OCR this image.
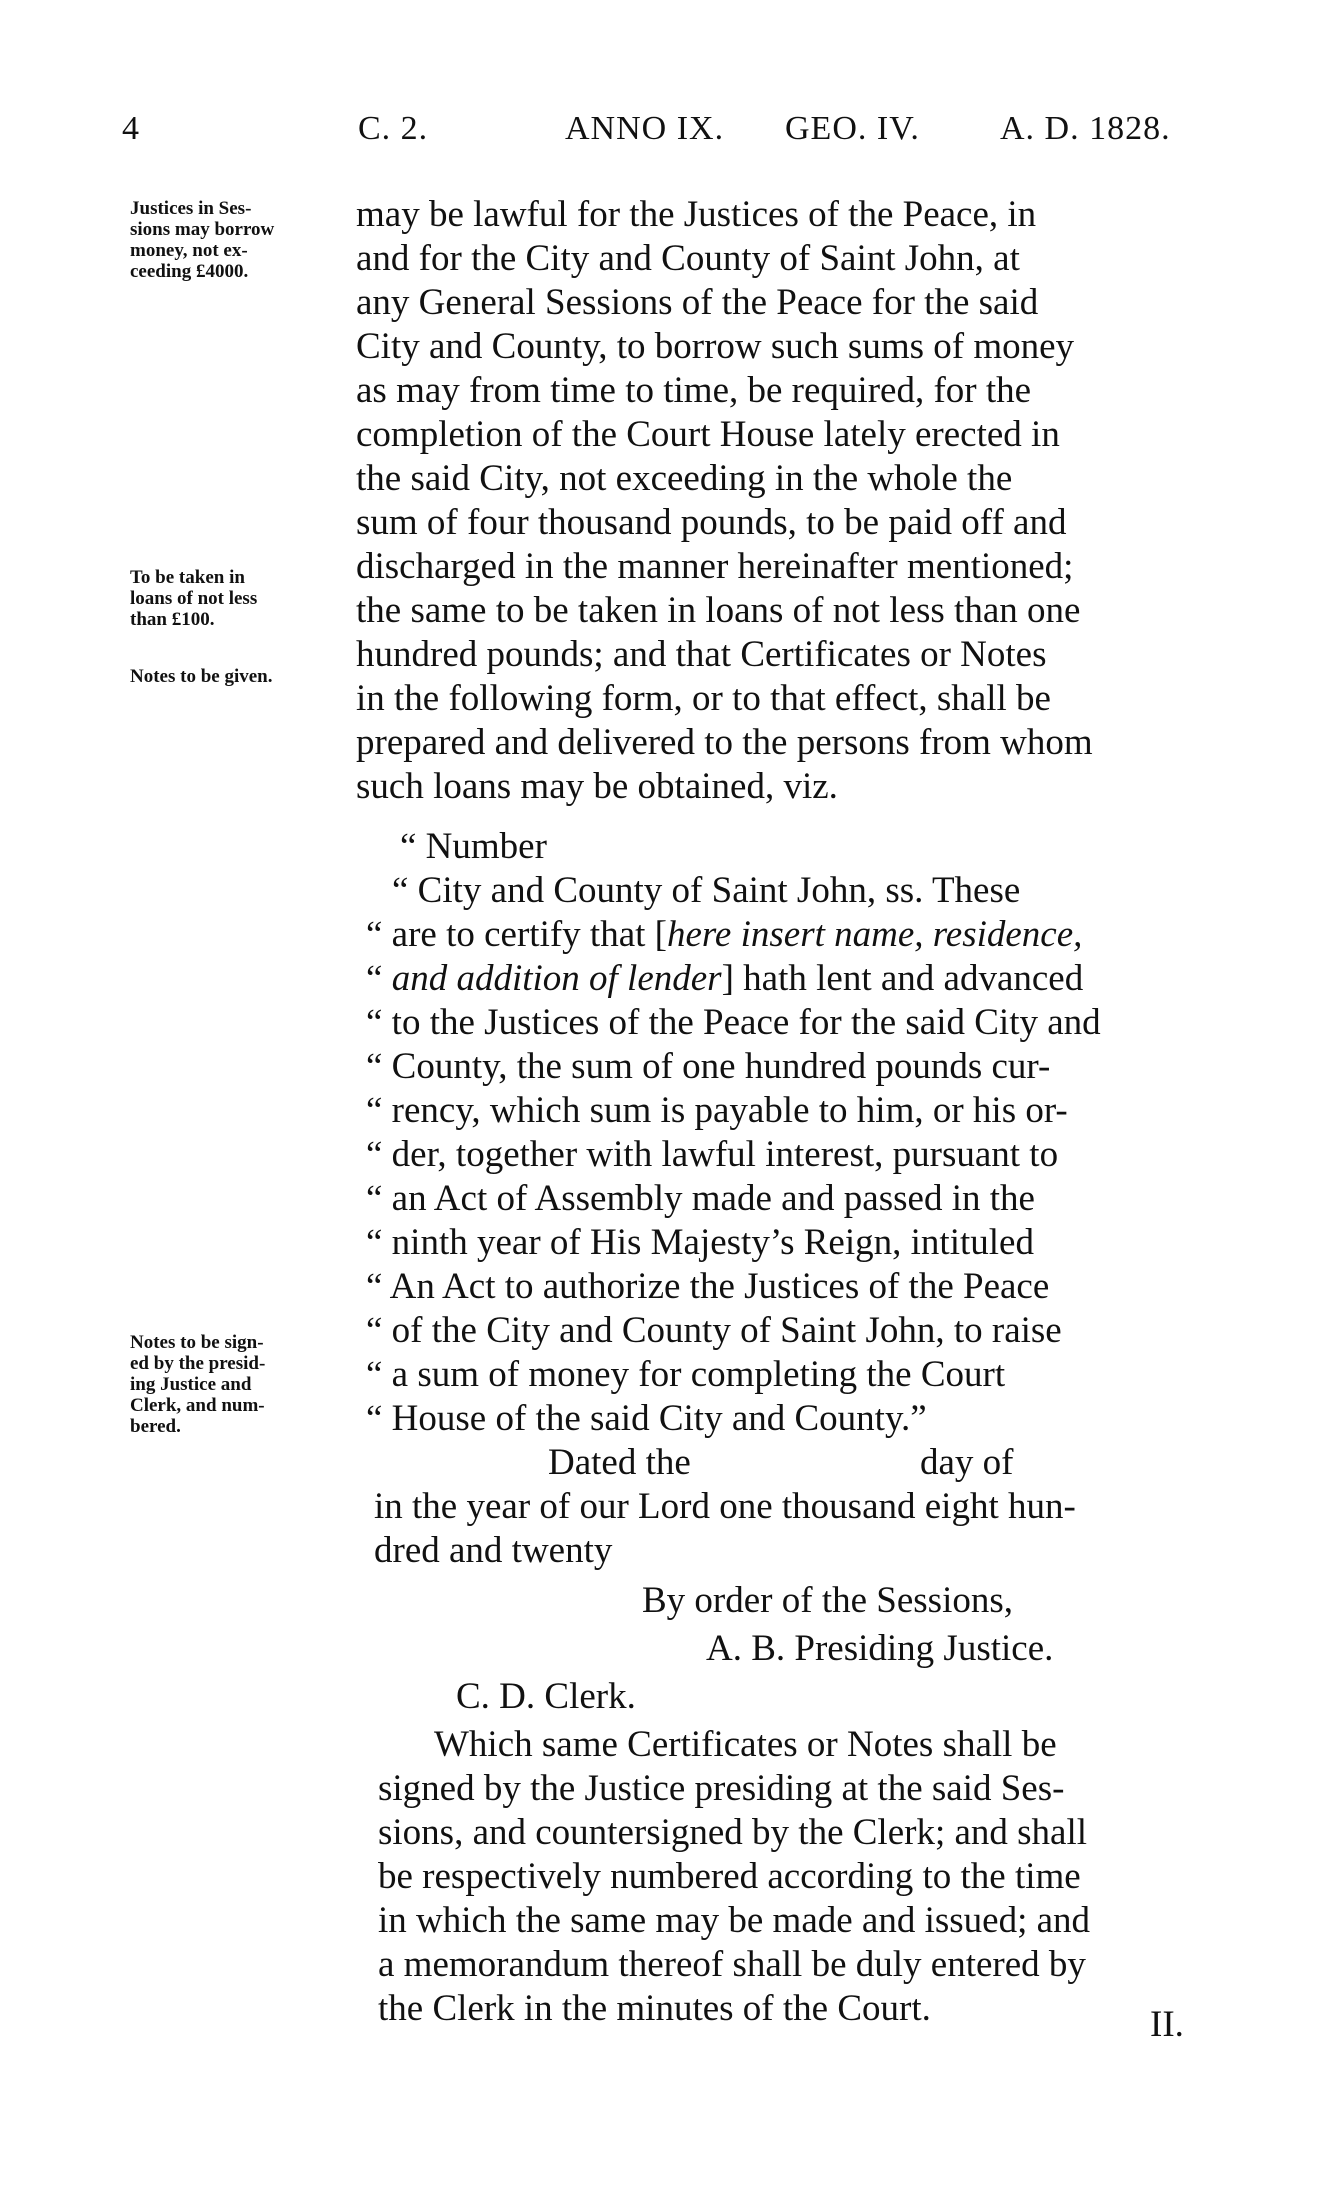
4	C. 2.	ANNO IX. GEO. IV. A. D. 1828.
Justices in Ses-
sions may borrow
money, not ex-
ceeding £4000.
To be taken in
loans of not less
than £100.
Notes to be given.
Notes to be sign-
ed by the presid-
ing Justice and
Clerk, and num-
bered.
may be lawful for the Justices of the Peace, in
and for the City and County of Saint John, at
any General Sessions of the Peace for the said
City and County, to borrow such sums of money
as may from time to time, be required, for the
completion of the Court House lately erected in
the said City, not exceeding in the whole the
sum of four thousand pounds, to be paid off and
discharged in the manner hereinafter mentioned;
the same to be taken in loans of not less than one
hundred pounds; and that Certificates or Notes
in the following form, or to that effect, shall be
prepared and delivered to the persons from whom
such loans may be obtained, viz.
“ Number
“ City and County of Saint John, ss. These
“ are to certify that [here insert name, residence,
“ and addition of lender] hath lent and advanced
“ to the Justices of the Peace for the said City and
“ County, the sum of one hundred pounds cur-
“ rency, which sum is payable to him, or his or-
“ der, together with lawful interest, pursuant to
“ an Act of Assembly made and passed in the
“ ninth year of His Majesty’s Reign, intituled
“ An Act to authorize the Justices of the Peace
“ of the City and County of Saint John, to raise
“ a sum of money for completing the Court
“ House of the said City and County.”
Dated the	day of
in the year of our Lord one thousand eight hun-
dred and twenty
By order of the Sessions,
A. B. Presiding Justice.
C. D. Clerk.
Which same Certificates or Notes shall be
signed by the Justice presiding at the said Ses-
sions, and countersigned by the Clerk; and shall
be respectively numbered according to the time
in which the same may be made and issued; and
a memorandum thereof shall be duly entered by
the Clerk in the minutes of the Court.	II.
